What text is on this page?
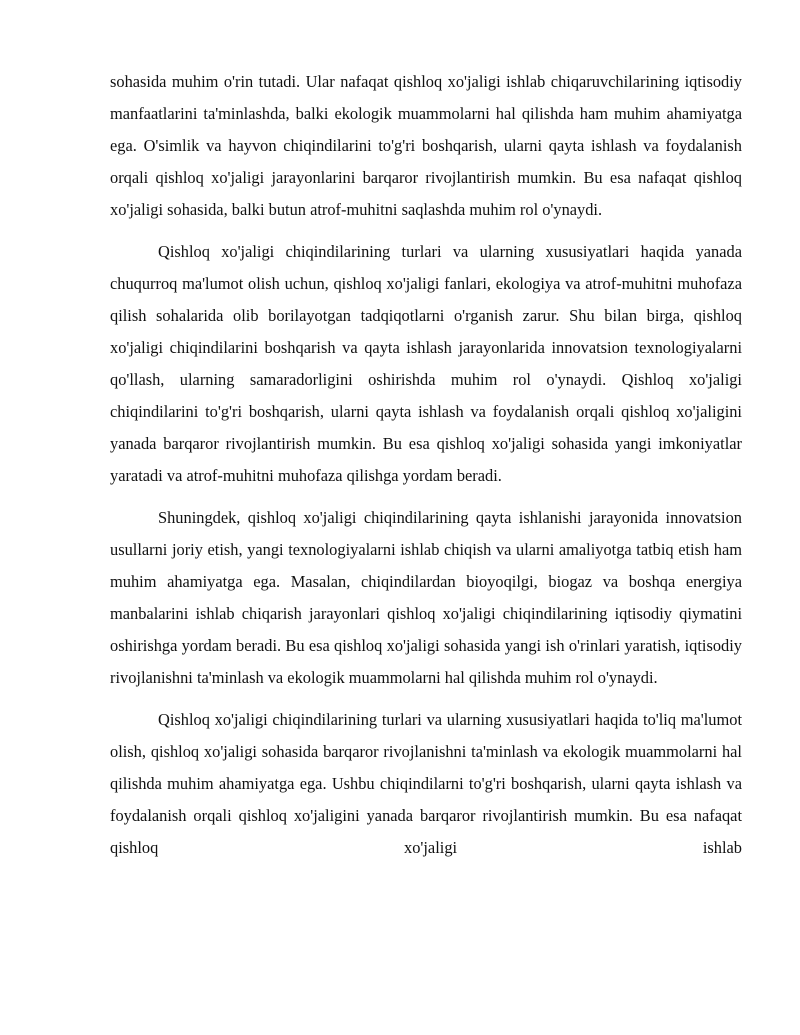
sohasida muhim o'rin tutadi. Ular nafaqat qishloq xo'jaligi ishlab chiqaruvchilarining iqtisodiy manfaatlarini ta'minlashda, balki ekologik muammolarni hal qilishda ham muhim ahamiyatga ega. O'simlik va hayvon chiqindilarini to'g'ri boshqarish, ularni qayta ishlash va foydalanish orqali qishloq xo'jaligi jarayonlarini barqaror rivojlantirish mumkin. Bu esa nafaqat qishloq xo'jaligi sohasida, balki butun atrof-muhitni saqlashda muhim rol o'ynaydi.

Qishloq xo'jaligi chiqindilarining turlari va ularning xususiyatlari haqida yanada chuqurroq ma'lumot olish uchun, qishloq xo'jaligi fanlari, ekologiya va atrof-muhitni muhofaza qilish sohalarida olib borilayotgan tadqiqotlarni o'rganish zarur. Shu bilan birga, qishloq xo'jaligi chiqindilarini boshqarish va qayta ishlash jarayonlarida innovatsion texnologiyalarni qo'llash, ularning samaradorligini oshirishda muhim rol o'ynaydi. Qishloq xo'jaligi chiqindilarini to'g'ri boshqarish, ularni qayta ishlash va foydalanish orqali qishloq xo'jaligini yanada barqaror rivojlantirish mumkin. Bu esa qishloq xo'jaligi sohasida yangi imkoniyatlar yaratadi va atrof-muhitni muhofaza qilishga yordam beradi.

Shuningdek, qishloq xo'jaligi chiqindilarining qayta ishlanishi jarayonida innovatsion usullarni joriy etish, yangi texnologiyalarni ishlab chiqish va ularni amaliyotga tatbiq etish ham muhim ahamiyatga ega. Masalan, chiqindilardan bioyoqilgi, biogaz va boshqa energiya manbalarini ishlab chiqarish jarayonlari qishloq xo'jaligi chiqindilarining iqtisodiy qiymatini oshirishga yordam beradi. Bu esa qishloq xo'jaligi sohasida yangi ish o'rinlari yaratish, iqtisodiy rivojlanishni ta'minlash va ekologik muammolarni hal qilishda muhim rol o'ynaydi.

Qishloq xo'jaligi chiqindilarining turlari va ularning xususiyatlari haqida to'liq ma'lumot olish, qishloq xo'jaligi sohasida barqaror rivojlanishni ta'minlash va ekologik muammolarni hal qilishda muhim ahamiyatga ega. Ushbu chiqindilarni to'g'ri boshqarish, ularni qayta ishlash va foydalanish orqali qishloq xo'jaligini yanada barqaror rivojlantirish mumkin. Bu esa nafaqat qishloq xo'jaligi ishlab
